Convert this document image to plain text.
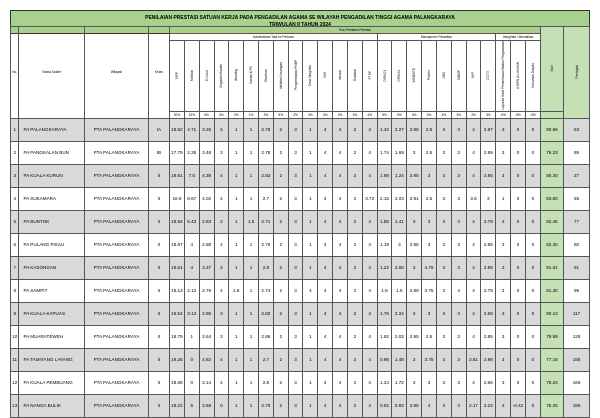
PENILAIAN PRESTASI SATUAN KERJA PADA PENGADILAN AGAMA SE WILAYAH PENGADILAN TINGGI AGAMA PALANGKARAYA
TRIWULAN II TAHUN 2024
No.	Nama Satker	Wilayah	Kelas	Pos Penilaian Prestasi																									Skor	Peringkat
				Administrasi Tata ke Perkara														Manajemen Peradilan								Integritas / Mentalitas				
				SIPP	Mediasi	E-Court	Gugatan Mandiri	Banding	Kasasi & PK	Eksekusi	Validitas Keuangan	Pengembalian PNBP	Zona Integritas	IKM	Inovasi	Eskalasi	PTSP	DIPA 01	DIPA 04	WEBSITE	Prodeo	ABS	SIMOP	SKP	CCTV	Laporan Hasil Pemeriksaan Badan Pengawasan	LHKPN & LHKASN	Hukuman Disiplin		
				20%	10%	5%	5%	2%	1%	3%	5%	2%	3%	3%	3%	3%	4%	5%	5%	3%	3%	3%	3%	3%	3%	-5%	-5%	-5%		
1	PA PALANGKARAYA	PTA PALANGKARAYA	IA	18.82	4.71	3.26	4	1	1	2.75	2	3	1	4	4	2	4	1.42	2.27	2.96	2.5	3	3	4	2.97	3	0	0	80.66	53
2	PA PANGKALAN BUN	PTA PALANGKARAYA	IB	17.79	2.35	3.48	3	1	1	2.78	2	3	1	4	4	2	4	1.74	1.69	3	2.5	3	3	4	2.99	3	0	0	76.33	89
3	PA KUALA KURUN	PTA PALANGKARAYA	II	18.61	7.5	4.38	4	1	1	2.82	2	3	1	4	4	2	4	1.98	1.24	2.95	3	3	3	4	2.85	3	0	0	80.30	27
4	PA SUKAMARA	PTA PALANGKARAYA	II	18.9	6.67	4.02	4	1	1	2.7	2	3	1	4	4	2	3.72	2.15	2.03	2.91	2.5	3	3	3.8	3	1	0	0	83.60	55
5	PA BUNTOK	PTA PALANGKARAYA	II	18.94	6.43	2.83	2	1	1.5	2.71	2	3	1	4	4	2	4	1.85	1.41	3	3	3	3	4	2.79	3	0	0	82.46	77
6	PA PULANG PISAU	PTA PALANGKARAYA	II	18.67	4	2.88	4	1	1	2.76	2	3	1	4	4	2	4	1.19	3	2.95	3	3	3	4	2.85	3	0	0	82.30	80
7	PA KASONGAN	PTA PALANGKARAYA	II	18.61	4	3.37	4	1	1	2.8	2	3	1	4	4	2	4	1.22	2.06	3	4.75	3	3	4	2.98	3	0	0	81.61	91
8	PA SAMPIT	PTA PALANGKARAYA	II	18.13	2.12	2.79	4	1.8	1	2.74	2	3	4	4	4	2	4	1.8	1.5	2.89	3.75	3	4	4	2.78	3	0	0	81.30	95
9	PA KUALA KAPUAS	PTA PALANGKARAYA	II	16.54	3.13	2.95	3	1	1	2.83	2	3	1	4	4	2	4	1.76	2.24	3	3	3	3	4	2.68	3	0	0	80.13	117
10	PA MUARATEWEH	PTA PALANGKARAYA	II	18.79	1	3.64	3	1	1	2.86	2	3	1	4	4	2	4	1.82	2.03	2.95	2.5	3	3	4	2.85	3	0	0	79.59	128
11	PA TAMIYANG LAYANG	PTA PALANGKARAYA	II	19.26	0	4.62	4	1	1	2.7	2	3	1	4	4	2	4	0.96	1.48	3	3.75	3	3	3.81	2.98	3	0	0	77.18	156
12	PA KUALA PEMBUANG	PTA PALANGKARAYA	II	18.68	0	3.14	4	1	1	2.8	2	3	1	4	4	2	4	1.24	1.72	3	3	3	3	4	2.66	3	0	0	78.24	169
13	PA NANGA BULIK	PTA PALANGKARAYA	II	18.22	5	3.68	0	1	1	2.76	2	3	1	4	4	2	4	0.82	0.83	2.96	4	3	3	2.17	2.24	3	-0.42	0	75.25	186
